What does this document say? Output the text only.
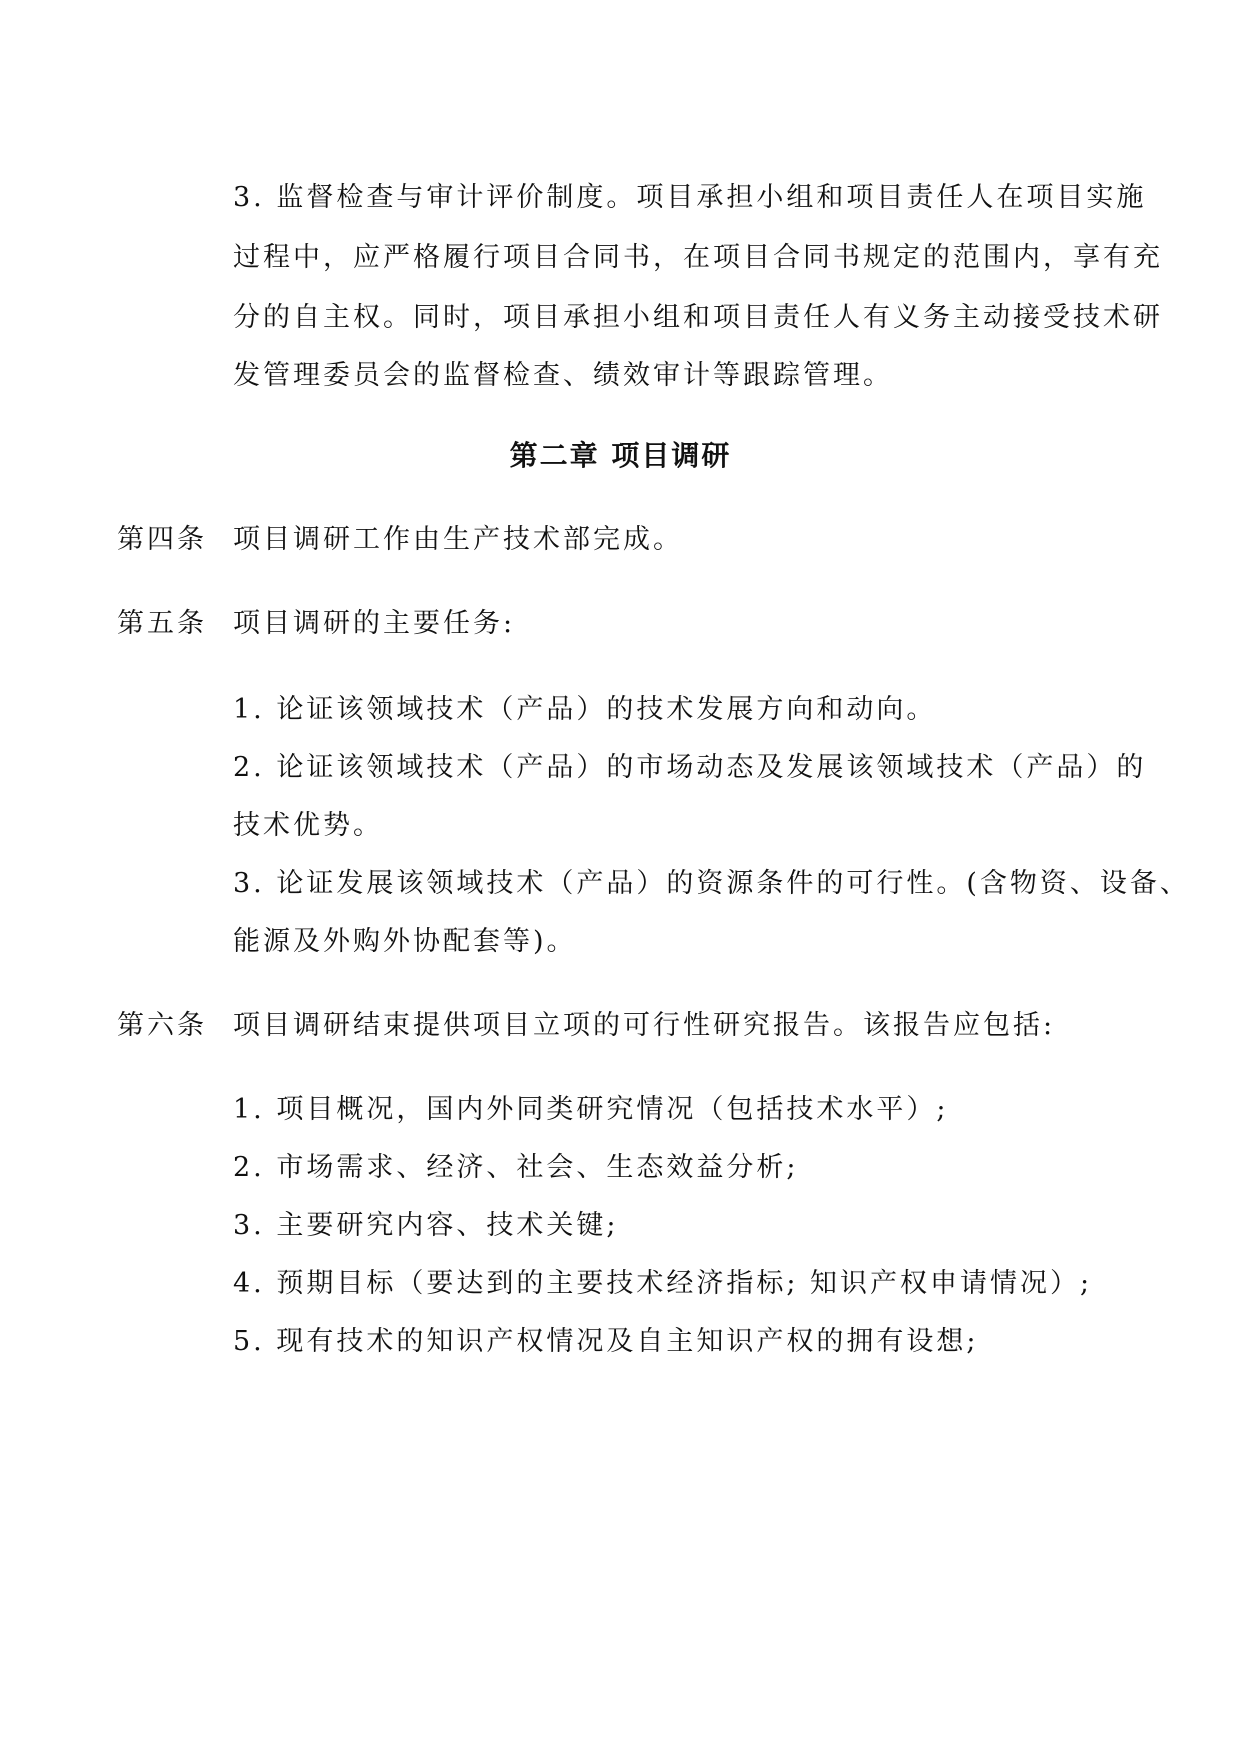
3. 监督检查与审计评价制度。项目承担小组和项目责任人在项目实施
过程中，应严格履行项目合同书，在项目合同书规定的范围内，享有充
分的自主权。同时，项目承担小组和项目责任人有义务主动接受技术研
发管理委员会的监督检查、绩效审计等跟踪管理。
第二章 项目调研
第四条 项目调研工作由生产技术部完成。
第五条 项目调研的主要任务:
1. 论证该领域技术（产品）的技术发展方向和动向。
2. 论证该领域技术（产品）的市场动态及发展该领域技术（产品）的
技术优势。
3. 论证发展该领域技术（产品）的资源条件的可行性。(含物资、设备、
能源及外购外协配套等)。
第六条 项目调研结束提供项目立项的可行性研究报告。该报告应包括:
1. 项目概况，国内外同类研究情况（包括技术水平）;
2. 市场需求、经济、社会、生态效益分析;
3. 主要研究内容、技术关键;
4. 预期目标（要达到的主要技术经济指标; 知识产权申请情况）;
5. 现有技术的知识产权情况及自主知识产权的拥有设想;
